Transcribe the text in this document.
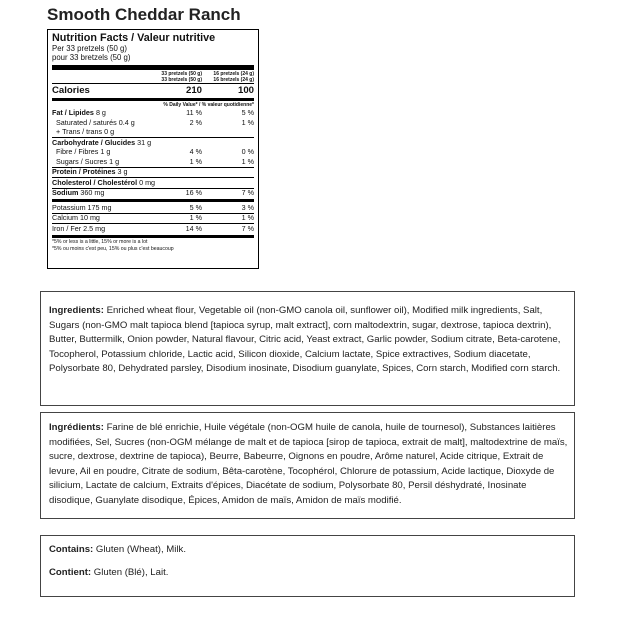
Smooth Cheddar Ranch
Nutrition Facts / Valeur nutritive
Per 33 pretzels (50 g)
pour 33 bretzels (50 g)
33 pretzels (50 g)	16 pretzels (24 g)
33 bretzels (50 g)	16 bretzels (24 g)
Calories	210	100
% Daily Value* / % valeur quotidienne*
Fat / Lipides 8 g	11 %	5 %
Saturated / saturés 0.4 g	2 %	1 %
+ Trans / trans 0 g
Carbohydrate / Glucides 31 g
Fibre / Fibres 1 g	4 %	0 %
Sugars / Sucres 1 g	1 %	1 %
Protein / Protéines 3 g
Cholesterol / Cholestérol 0 mg
Sodium 360 mg	16 %	7 %
Potassium 175 mg	5 %	3 %
Calcium 10 mg	1 %	1 %
Iron / Fer 2.5 mg	14 %	7 %
*5% or less is a little, 15% or more is a lot
*5% ou moins c'est peu, 15% ou plus c'est beaucoup

Ingredients: Enriched wheat flour, Vegetable oil (non-GMO canola oil, sunflower oil), Modified milk ingredients, Salt, Sugars (non-GMO malt tapioca blend [tapioca syrup, malt extract], corn maltodextrin, sugar, dextrose, tapioca dextrin), Butter, Buttermilk, Onion powder, Natural flavour, Citric acid, Yeast extract, Garlic powder, Sodium citrate, Beta-carotene, Tocopherol, Potassium chloride, Lactic acid, Silicon dioxide, Calcium lactate, Spice extractives, Sodium diacetate, Polysorbate 80, Dehydrated parsley, Disodium inosinate, Disodium guanylate, Spices, Corn starch, Modified corn starch.

Ingrédients: Farine de blé enrichie, Huile végétale (non-OGM huile de canola, huile de tournesol), Substances laitières modifiées, Sel, Sucres (non-OGM mélange de malt et de tapioca [sirop de tapioca, extrait de malt], maltodextrine de maïs, sucre, dextrose, dextrine de tapioca), Beurre, Babeurre, Oignons en poudre, Arôme naturel, Acide citrique, Extrait de levure, Ail en poudre, Citrate de sodium, Bêta-carotène, Tocophérol, Chlorure de potassium, Acide lactique, Dioxyde de silicium, Lactate de calcium, Extraits d'épices, Diacétate de sodium, Polysorbate 80, Persil déshydraté, Inosinate disodique, Guanylate disodique, Épices, Amidon de maïs, Amidon de maïs modifié.

Contains: Gluten (Wheat), Milk.

Contient: Gluten (Blé), Lait.
